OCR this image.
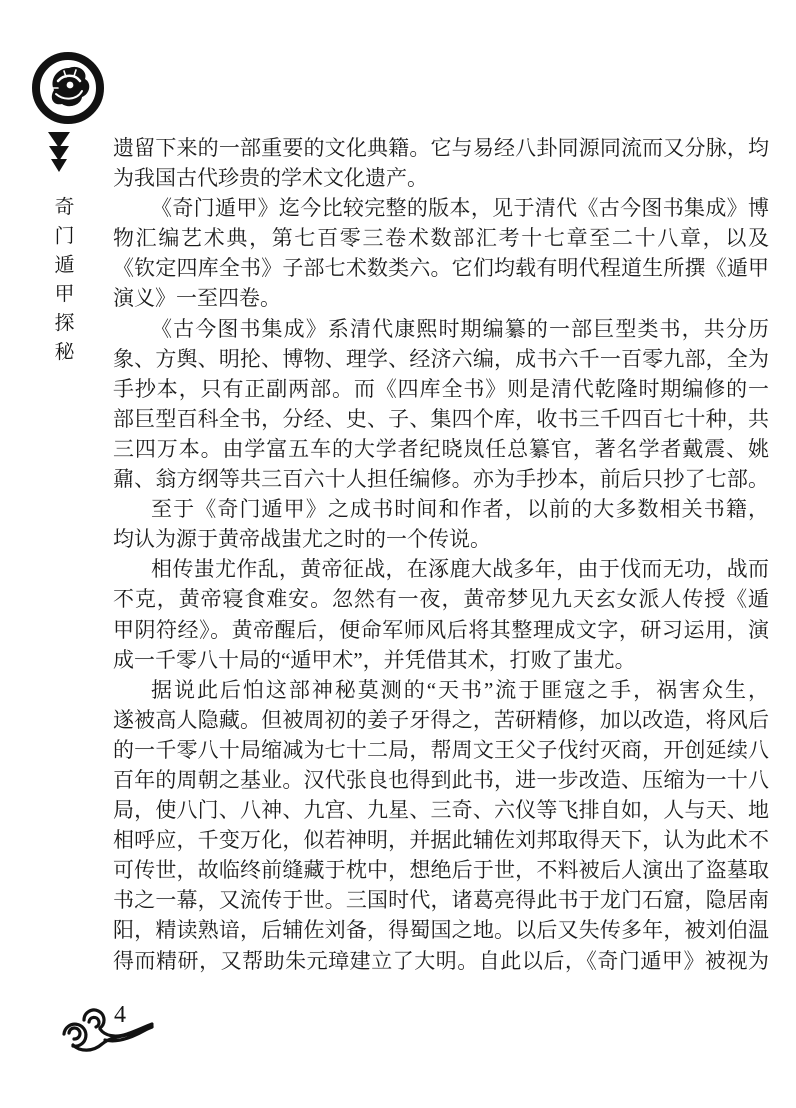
奇门遁甲探秘
遗留下来的一部重要的文化典籍。它与易经八卦同源同流而又分脉，均
为我国古代珍贵的学术文化遗产。
《奇门遁甲》迄今比较完整的版本，见于清代《古今图书集成》博
物汇编艺术典，第七百零三卷术数部汇考十七章至二十八章，以及
《钦定四库全书》子部七术数类六。它们均载有明代程道生所撰《遁甲
演义》一至四卷。
《古今图书集成》系清代康熙时期编纂的一部巨型类书，共分历
象、方舆、明抡、博物、理学、经济六编，成书六千一百零九部，全为
手抄本，只有正副两部。而《四库全书》则是清代乾隆时期编修的一
部巨型百科全书，分经、史、子、集四个库，收书三千四百七十种，共
三四万本。由学富五车的大学者纪晓岚任总纂官，著名学者戴震、姚
鼐、翁方纲等共三百六十人担任编修。亦为手抄本，前后只抄了七部。
至于《奇门遁甲》之成书时间和作者，以前的大多数相关书籍，
均认为源于黄帝战蚩尤之时的一个传说。
相传蚩尤作乱，黄帝征战，在涿鹿大战多年，由于伐而无功，战而
不克，黄帝寝食难安。忽然有一夜，黄帝梦见九天玄女派人传授《遁
甲阴符经》。黄帝醒后，便命军师风后将其整理成文字，研习运用，演
成一千零八十局的“遁甲术”，并凭借其术，打败了蚩尤。
据说此后怕这部神秘莫测的“天书”流于匪寇之手，祸害众生，
遂被高人隐藏。但被周初的姜子牙得之，苦研精修，加以改造，将风后
的一千零八十局缩减为七十二局，帮周文王父子伐纣灭商，开创延续八
百年的周朝之基业。汉代张良也得到此书，进一步改造、压缩为一十八
局，使八门、八神、九宫、九星、三奇、六仪等飞排自如，人与天、地
相呼应，千变万化，似若神明，并据此辅佐刘邦取得天下，认为此术不
可传世，故临终前缝藏于枕中，想绝后于世，不料被后人演出了盗墓取
书之一幕，又流传于世。三国时代，诸葛亮得此书于龙门石窟，隐居南
阳，精读熟谙，后辅佐刘备，得蜀国之地。以后又失传多年，被刘伯温
得而精研，又帮助朱元璋建立了大明。自此以后，《奇门遁甲》被视为
4
